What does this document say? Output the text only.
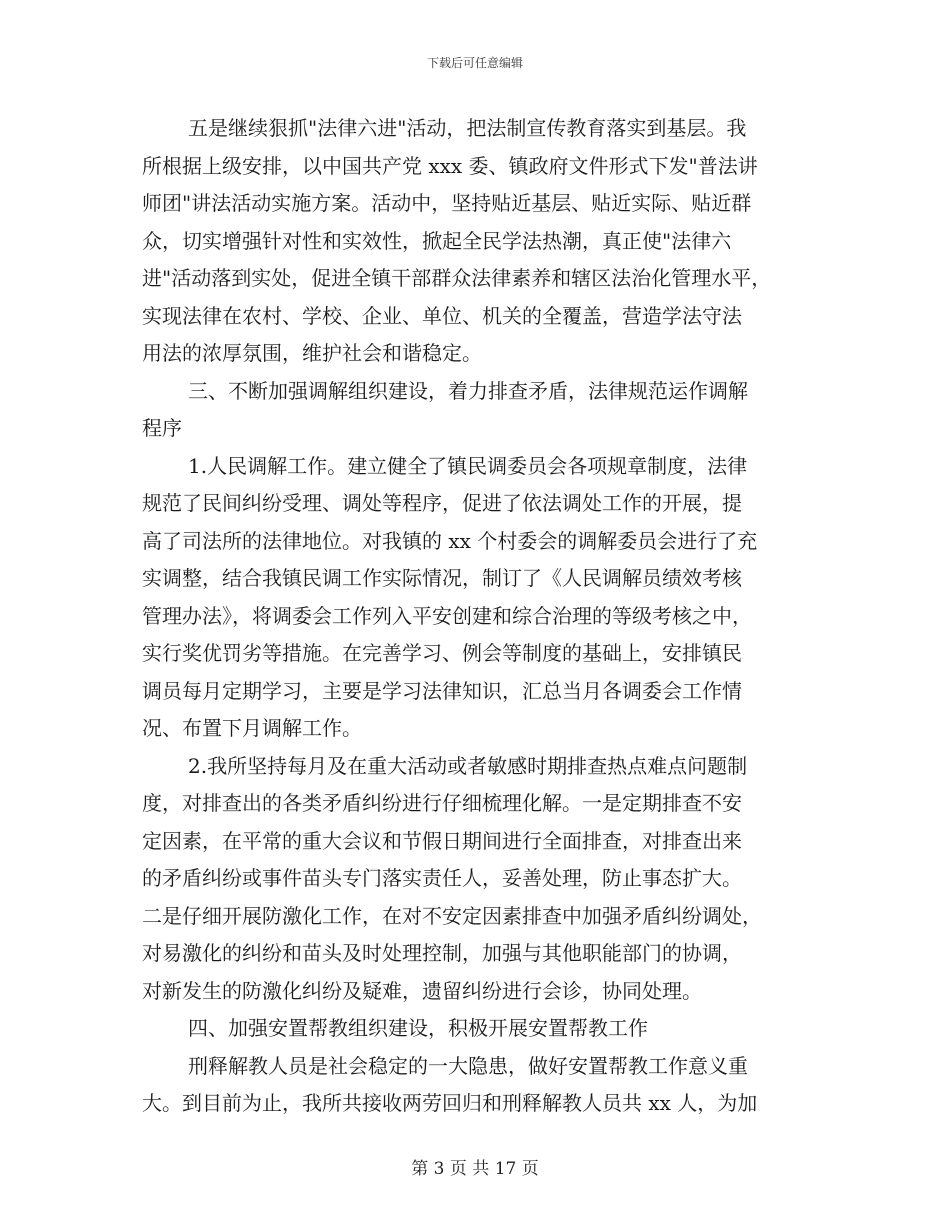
下载后可任意编辑
五是继续狠抓"法律六进"活动，把法制宣传教育落实到基层。我
所根据上级安排，以中国共产党 xxx 委、镇政府文件形式下发"普法讲
师团"讲法活动实施方案。活动中，坚持贴近基层、贴近实际、贴近群
众，切实增强针对性和实效性，掀起全民学法热潮，真正使"法律六
进"活动落到实处，促进全镇干部群众法律素养和辖区法治化管理水平，
实现法律在农村、学校、企业、单位、机关的全覆盖，营造学法守法
用法的浓厚氛围，维护社会和谐稳定。
三、不断加强调解组织建设，着力排查矛盾，法律规范运作调解
程序
1.人民调解工作。建立健全了镇民调委员会各项规章制度，法律
规范了民间纠纷受理、调处等程序，促进了依法调处工作的开展，提
高了司法所的法律地位。对我镇的 xx 个村委会的调解委员会进行了充
实调整，结合我镇民调工作实际情况，制订了《人民调解员绩效考核
管理办法》，将调委会工作列入平安创建和综合治理的等级考核之中，
实行奖优罚劣等措施。在完善学习、例会等制度的基础上，安排镇民
调员每月定期学习，主要是学习法律知识，汇总当月各调委会工作情
况、布置下月调解工作。
2.我所坚持每月及在重大活动或者敏感时期排查热点难点问题制
度，对排查出的各类矛盾纠纷进行仔细梳理化解。一是定期排查不安
定因素，在平常的重大会议和节假日期间进行全面排查，对排查出来
的矛盾纠纷或事件苗头专门落实责任人，妥善处理，防止事态扩大。
二是仔细开展防激化工作，在对不安定因素排查中加强矛盾纠纷调处，
对易激化的纠纷和苗头及时处理控制，加强与其他职能部门的协调，
对新发生的防激化纠纷及疑难，遗留纠纷进行会诊，协同处理。
四、加强安置帮教组织建设，积极开展安置帮教工作
刑释解教人员是社会稳定的一大隐患，做好安置帮教工作意义重
大。到目前为止，我所共接收两劳回归和刑释解教人员共 xx 人，为加
第 3 页 共 17 页
